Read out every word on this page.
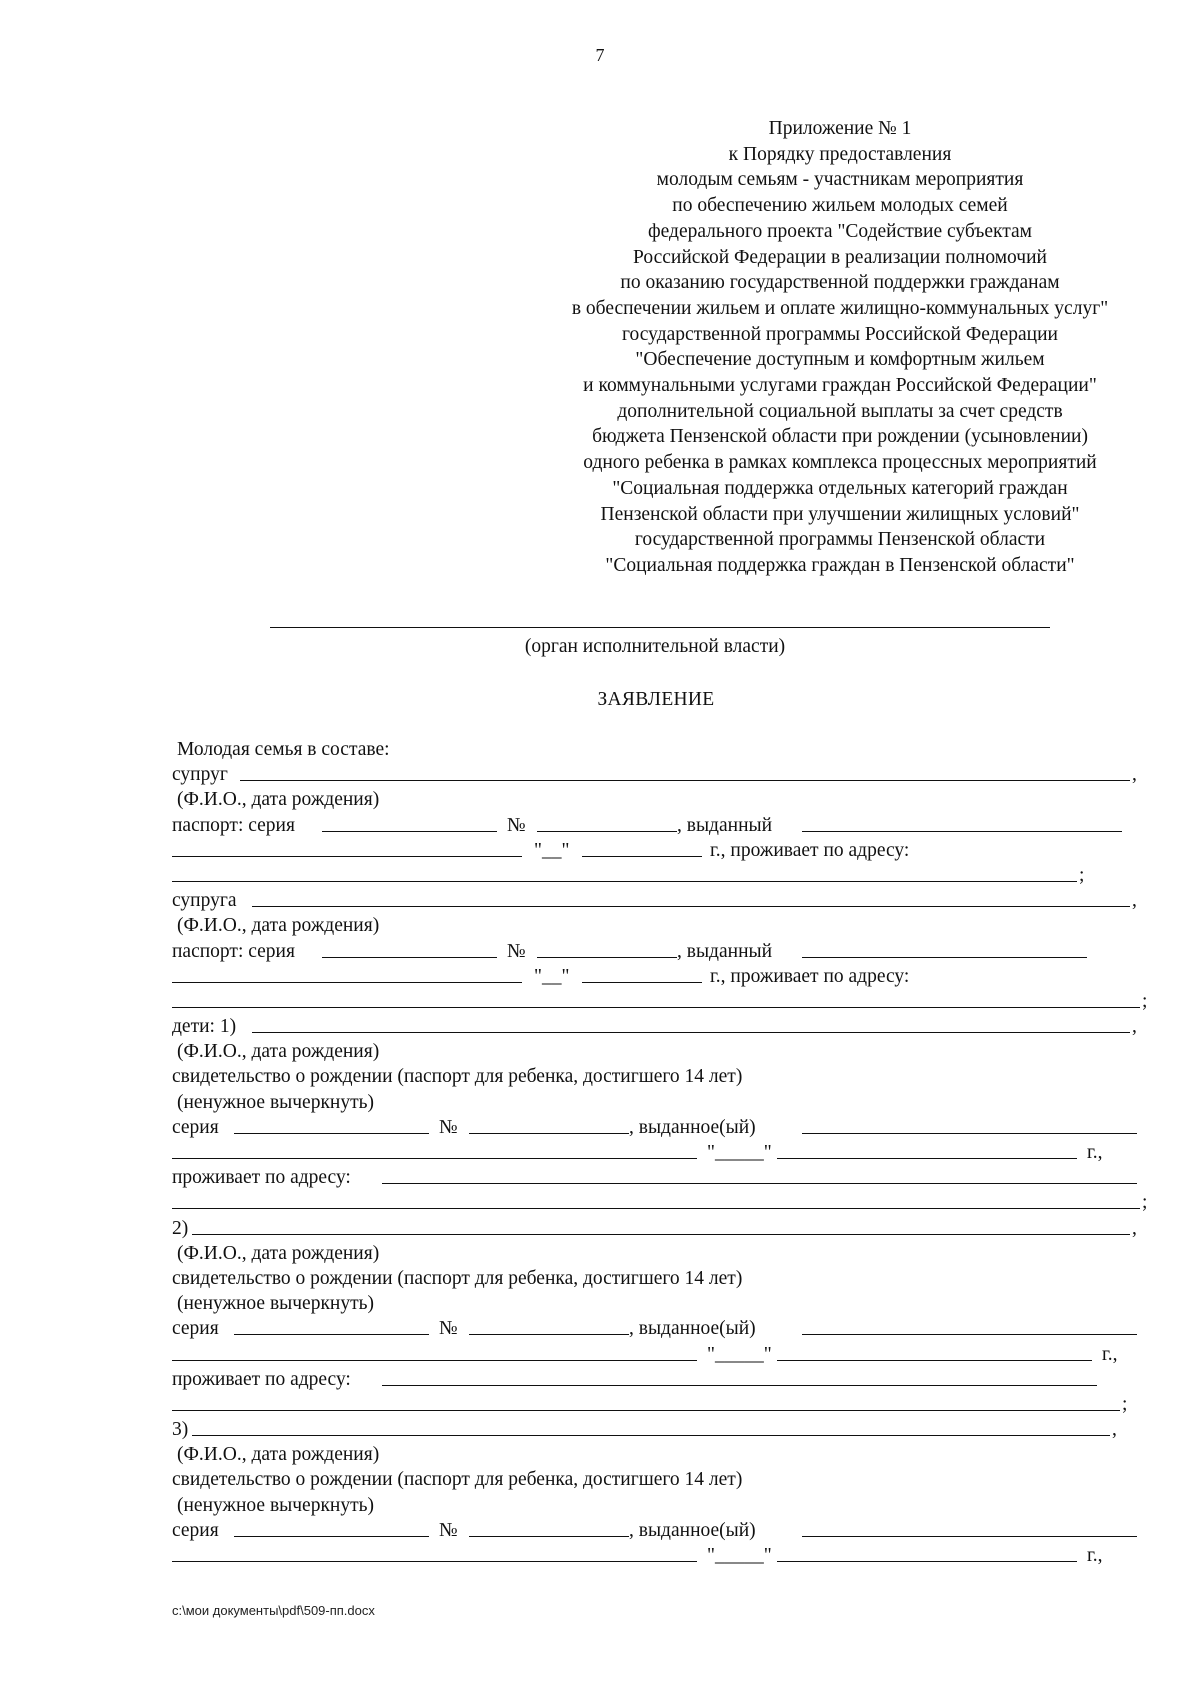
7
Приложение № 1
к Порядку предоставления
молодым семьям - участникам мероприятия
по обеспечению жильем молодых семей
федерального проекта "Содействие субъектам
Российской Федерации в реализации полномочий
по оказанию государственной поддержки гражданам
в обеспечении жильем и оплате жилищно-коммунальных услуг"
государственной программы Российской Федерации
"Обеспечение доступным и комфортным жильем
и коммунальными услугами граждан Российской Федерации"
дополнительной социальной выплаты за счет средств
бюджета Пензенской области при рождении (усыновлении)
одного ребенка в рамках комплекса процессных мероприятий
"Социальная поддержка отдельных категорий граждан
Пензенской области при улучшении жилищных условий"
государственной программы Пензенской области
"Социальная поддержка граждан в Пензенской области"
(орган исполнительной власти)
ЗАЯВЛЕНИЕ
Молодая семья в составе:
супруг	,
(Ф.И.О., дата рождения)
паспорт: серия	№	, выданный
"__"	г., проживает по адресу:
;
супруга	,
(Ф.И.О., дата рождения)
паспорт: серия	№	, выданный
"__"	г., проживает по адресу:
;
дети: 1)	,
(Ф.И.О., дата рождения)
свидетельство о рождении (паспорт для ребенка, достигшего 14 лет)
(ненужное вычеркнуть)
серия	№	, выданное(ый)
"_____"	г.,
проживает по адресу:
;
2)	,
(Ф.И.О., дата рождения)
свидетельство о рождении (паспорт для ребенка, достигшего 14 лет)
(ненужное вычеркнуть)
серия	№	, выданное(ый)
"_____"	г.,
проживает по адресу:
;
3)	,
(Ф.И.О., дата рождения)
свидетельство о рождении (паспорт для ребенка, достигшего 14 лет)
(ненужное вычеркнуть)
серия	№	, выданное(ый)
"_____"	г.,
c:\мои документы\pdf\509-пп.docx
